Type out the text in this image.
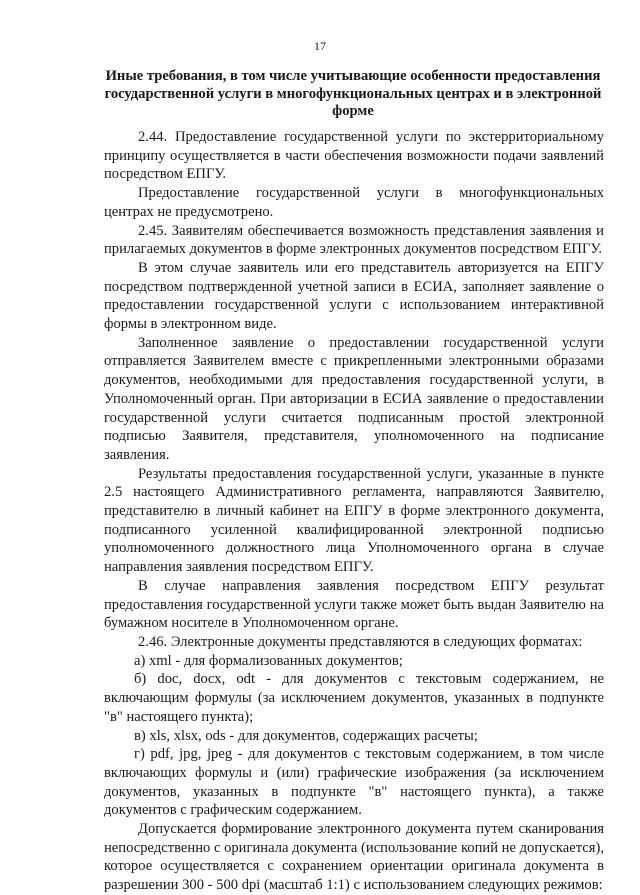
17
Иные требования, в том числе учитывающие особенности предоставления государственной услуги в многофункциональных центрах и в электронной форме

2.44. Предоставление государственной услуги по экстерриториальному принципу осуществляется в части обеспечения возможности подачи заявлений посредством ЕПГУ.

Предоставление государственной услуги в многофункциональных центрах не предусмотрено.

2.45. Заявителям обеспечивается возможность представления заявления и прилагаемых документов в форме электронных документов посредством ЕПГУ.

В этом случае заявитель или его представитель авторизуется на ЕПГУ посредством подтвержденной учетной записи в ЕСИА, заполняет заявление о предоставлении государственной услуги с использованием интерактивной формы в электронном виде.

Заполненное заявление о предоставлении государственной услуги отправляется Заявителем вместе с прикрепленными электронными образами документов, необходимыми для предоставления государственной услуги, в Уполномоченный орган. При авторизации в ЕСИА заявление о предоставлении государственной услуги считается подписанным простой электронной подписью Заявителя, представителя, уполномоченного на подписание заявления.

Результаты предоставления государственной услуги, указанные в пункте 2.5 настоящего Административного регламента, направляются Заявителю, представителю в личный кабинет на ЕПГУ в форме электронного документа, подписанного усиленной квалифицированной электронной подписью уполномоченного должностного лица Уполномоченного органа в случае направления заявления посредством ЕПГУ.

В случае направления заявления посредством ЕПГУ результат предоставления государственной услуги также может быть выдан Заявителю на бумажном носителе в Уполномоченном органе.

2.46. Электронные документы представляются в следующих форматах:

а) xml - для формализованных документов;

б) doc, docx, odt - для документов с текстовым содержанием, не включающим формулы (за исключением документов, указанных в подпункте "в" настоящего пункта);

в) xls, xlsx, ods - для документов, содержащих расчеты;

г) pdf, jpg, jpeg - для документов с текстовым содержанием, в том числе включающих формулы и (или) графические изображения (за исключением документов, указанных в подпункте "в" настоящего пункта), а также документов с графическим содержанием.

Допускается формирование электронного документа путем сканирования непосредственно с оригинала документа (использование копий не допускается), которое осуществляется с сохранением ориентации оригинала документа в разрешении 300 - 500 dpi (масштаб 1:1) с использованием следующих режимов:
